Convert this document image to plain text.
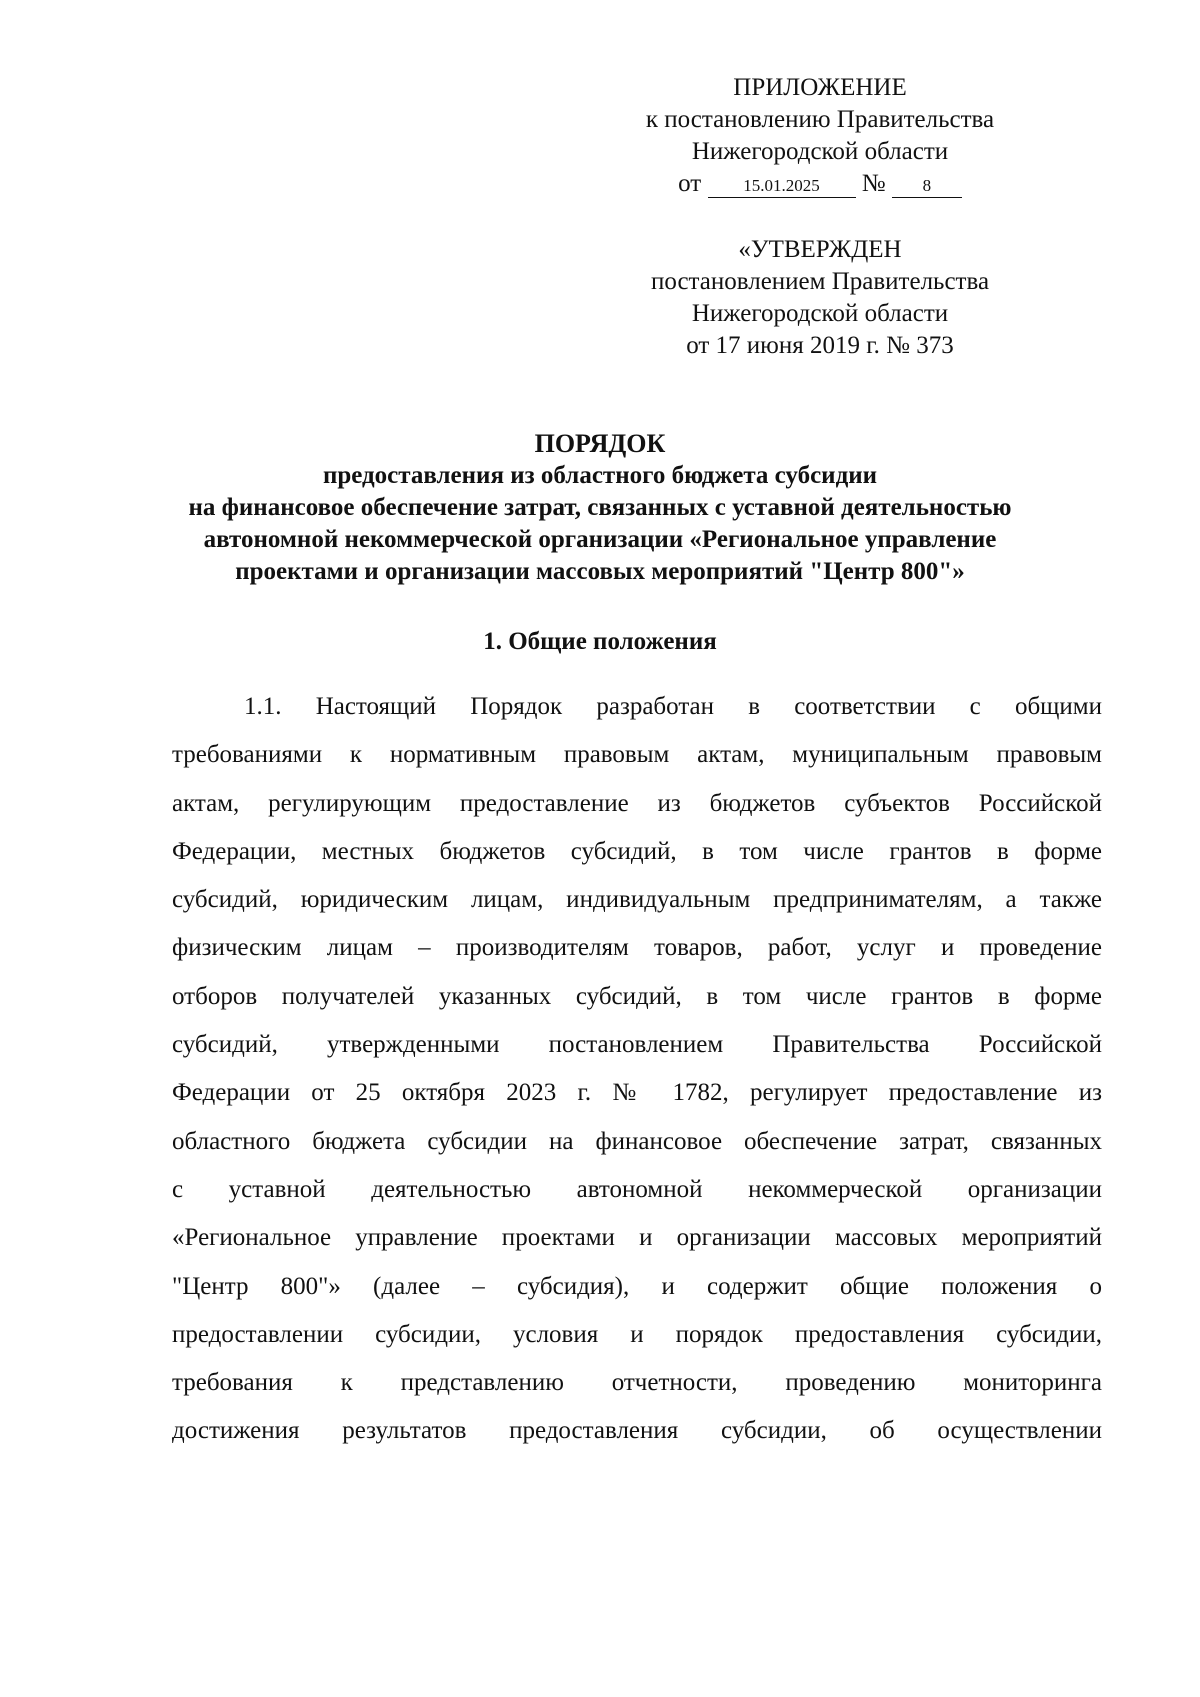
ПРИЛОЖЕНИЕ
к постановлению Правительства
Нижегородской области
от 15.01.2025 № 8
«УТВЕРЖДЕН
постановлением Правительства
Нижегородской области
от 17 июня 2019 г. № 373
ПОРЯДОК
предоставления из областного бюджета субсидии
на финансовое обеспечение затрат, связанных с уставной деятельностью
автономной некоммерческой организации «Региональное управление
проектами и организации массовых мероприятий "Центр 800"»
1. Общие положения
1.1. Настоящий Порядок разработан в соответствии с общими
требованиями к нормативным правовым актам, муниципальным правовым
актам, регулирующим предоставление из бюджетов субъектов Российской
Федерации, местных бюджетов субсидий, в том числе грантов в форме
субсидий, юридическим лицам, индивидуальным предпринимателям, а также
физическим лицам – производителям товаров, работ, услуг и проведение
отборов получателей указанных субсидий, в том числе грантов в форме
субсидий, утвержденными постановлением Правительства Российской
Федерации от 25 октября 2023 г. № 1782, регулирует предоставление из
областного бюджета субсидии на финансовое обеспечение затрат, связанных
с уставной деятельностью автономной некоммерческой организации
«Региональное управление проектами и организации массовых мероприятий
"Центр 800"» (далее – субсидия), и содержит общие положения о
предоставлении субсидии, условия и порядок предоставления субсидии,
требования к представлению отчетности, проведению мониторинга
достижения результатов предоставления субсидии, об осуществлении
